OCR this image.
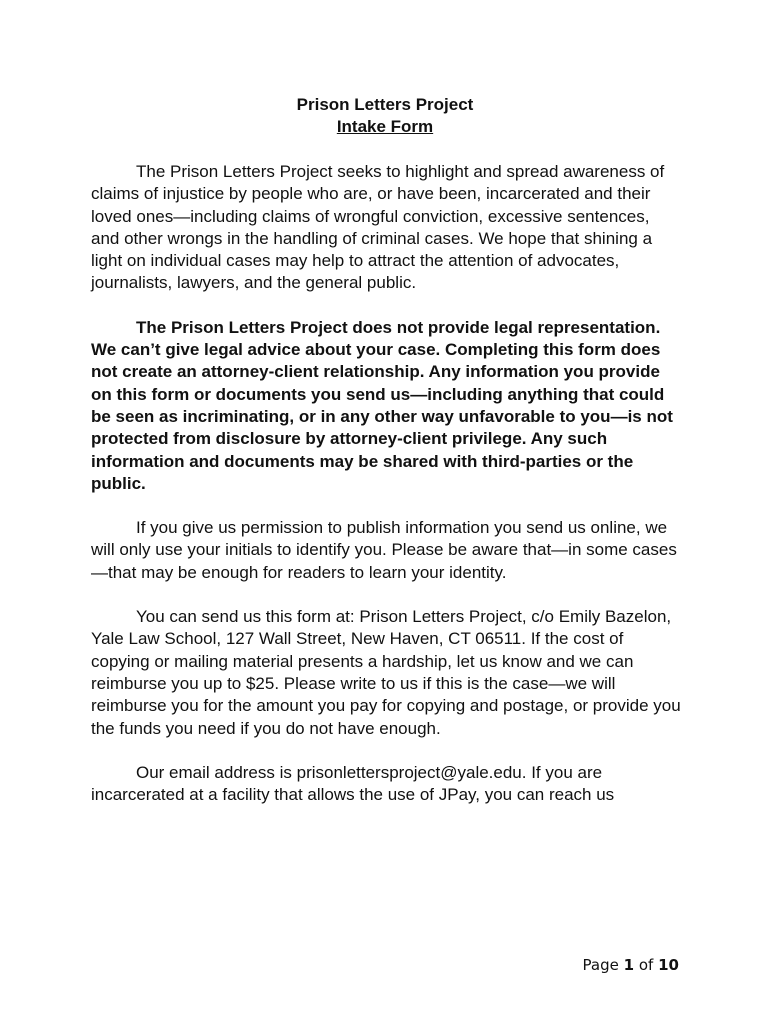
Prison Letters Project
Intake Form

The Prison Letters Project seeks to highlight and spread awareness of claims of injustice by people who are, or have been, incarcerated and their loved ones—including claims of wrongful conviction, excessive sentences, and other wrongs in the handling of criminal cases. We hope that shining a light on individual cases may help to attract the attention of advocates, journalists, lawyers, and the general public.

The Prison Letters Project does not provide legal representation. We can’t give legal advice about your case. Completing this form does not create an attorney-client relationship. Any information you provide on this form or documents you send us—including anything that could be seen as incriminating, or in any other way unfavorable to you—is not protected from disclosure by attorney-client privilege. Any such information and documents may be shared with third-parties or the public.

If you give us permission to publish information you send us online, we will only use your initials to identify you. Please be aware that—in some cases—that may be enough for readers to learn your identity.

You can send us this form at: Prison Letters Project, c/o Emily Bazelon, Yale Law School, 127 Wall Street, New Haven, CT 06511. If the cost of copying or mailing material presents a hardship, let us know and we can reimburse you up to $25. Please write to us if this is the case—we will reimburse you for the amount you pay for copying and postage, or provide you the funds you need if you do not have enough.

Our email address is prisonlettersproject@yale.edu. If you are incarcerated at a facility that allows the use of JPay, you can reach us

Page 1 of 10
